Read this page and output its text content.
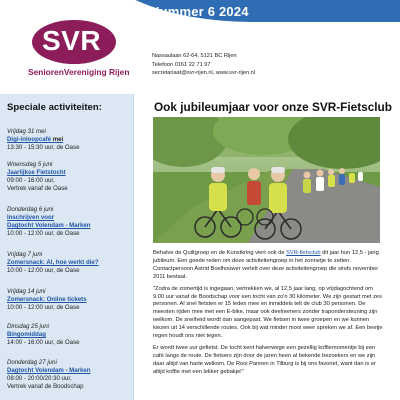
Nummer 6 2024
SVR
SeniorenVereniging Rijen
Nassaulaan 62-64, 5121 BC Rijen
Telefoon 0161 22 71 97
secretariaat@svr-rijen.nl, www.svr-rijen.nl
Speciale activiteiten:
Vrijdag 31 mei
Digi-inloopcafé mei
13:30 - 15:30 uur, de Oase
Woensdag 5 juni
Jaarlijkse Fietstocht
09:00 - 16:00 uur,
Vertrek vanaf de Oase
Donderdag 6 juni
Inschrijven voor
Dagtocht Volendam - Marken
10:00 - 12:00 uur, de Oase
Vrijdag 7 juni
Zomersnack: Al, hoe werkt die?
10:00 - 12:00 uur, de Oase
Vrijdag 14 juni
Zomersnack: Online tickets
10:00 - 12:00 uur, de Oase
Dinsdag 25 juni
Bingomiddag
14:00 - 16:00 uur, de Oase
Donderdag 27 juni
Dagtocht Volendam - Marken
08:00 - 20:00/20:30 uur,
Vertrek vanaf de Boodschap
Ook jubileumjaar voor onze SVR-Fietsclub

Behalve de Quiltgroep en de Kunstkring viert ook de SVR-fietsclub dit jaar hun 12,5 - jarig jubileum. Een goede reden om deze activiteitengroep in het zonnetje te zetten. Contactpersoon Astrid Boelhouwer vertelt over deze activiteitengroep die sinds november 2011 bestaat.

"Zodra de zomertijd is ingegaan, vertrekken we, al 12,5 jaar lang, op vrijdagochtend om 9.00 uur vanaf de Boodschap voor een tocht van zo'n 30 kilometer. We zijn gestart met zes personen. Al snel fietsten er 15 leden mee en inmiddels telt de club 30 personen. De meesten rijden mee met een E-bike, maar ook deelnemers zonder trapondersteuning zijn welkom. De snelheid wordt dan aangepast. We fietsen in twee groepen en we kunnen kiezen uit 14 verschillende routes. Ook bij wat minder mooi weer spreken we af. Een beetje regen houdt ons niet tegen.

Er wordt twee uur gefietst. De tocht kent halverwege een gezellig koffiemomentje bij een café langs de route. De fietsers zijn door de jaren heen al bekende bezoekers en we zijn daar altijd van harte welkom. De Rooi Pannen in Tilburg is bij ons favoriet, want dan is er altijd koffie met een lekker gebakje!"
